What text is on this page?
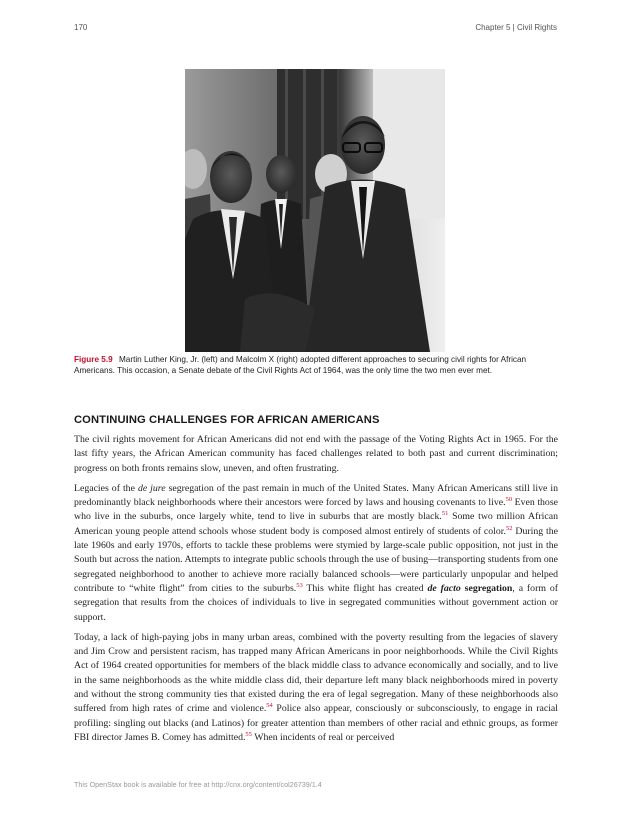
170	Chapter 5 | Civil Rights
Figure 5.9 Martin Luther King, Jr. (left) and Malcolm X (right) adopted different approaches to securing civil rights for African Americans. This occasion, a Senate debate of the Civil Rights Act of 1964, was the only time the two men ever met.
CONTINUING CHALLENGES FOR AFRICAN AMERICANS

The civil rights movement for African Americans did not end with the passage of the Voting Rights Act in 1965. For the last fifty years, the African American community has faced challenges related to both past and current discrimination; progress on both fronts remains slow, uneven, and often frustrating.

Legacies of the de jure segregation of the past remain in much of the United States. Many African Americans still live in predominantly black neighborhoods where their ancestors were forced by laws and housing covenants to live.$^{50}$ Even those who live in the suburbs, once largely white, tend to live in suburbs that are mostly black.$^{51}$ Some two million African American young people attend schools whose student body is composed almost entirely of students of color.$^{52}$ During the late 1960s and early 1970s, efforts to tackle these problems were stymied by large-scale public opposition, not just in the South but across the nation. Attempts to integrate public schools through the use of busing—transporting students from one segregated neighborhood to another to achieve more racially balanced schools—were particularly unpopular and helped contribute to “white flight” from cities to the suburbs.$^{53}$ This white flight has created de facto segregation, a form of segregation that results from the choices of individuals to live in segregated communities without government action or support.

Today, a lack of high-paying jobs in many urban areas, combined with the poverty resulting from the legacies of slavery and Jim Crow and persistent racism, has trapped many African Americans in poor neighborhoods. While the Civil Rights Act of 1964 created opportunities for members of the black middle class to advance economically and socially, and to live in the same neighborhoods as the white middle class did, their departure left many black neighborhoods mired in poverty and without the strong community ties that existed during the era of legal segregation. Many of these neighborhoods also suffered from high rates of crime and violence.$^{54}$ Police also appear, consciously or subconsciously, to engage in racial profiling: singling out blacks (and Latinos) for greater attention than members of other racial and ethnic groups, as former FBI director James B. Comey has admitted.$^{55}$ When incidents of real or perceived

This OpenStax book is available for free at http://cnx.org/content/col26739/1.4
